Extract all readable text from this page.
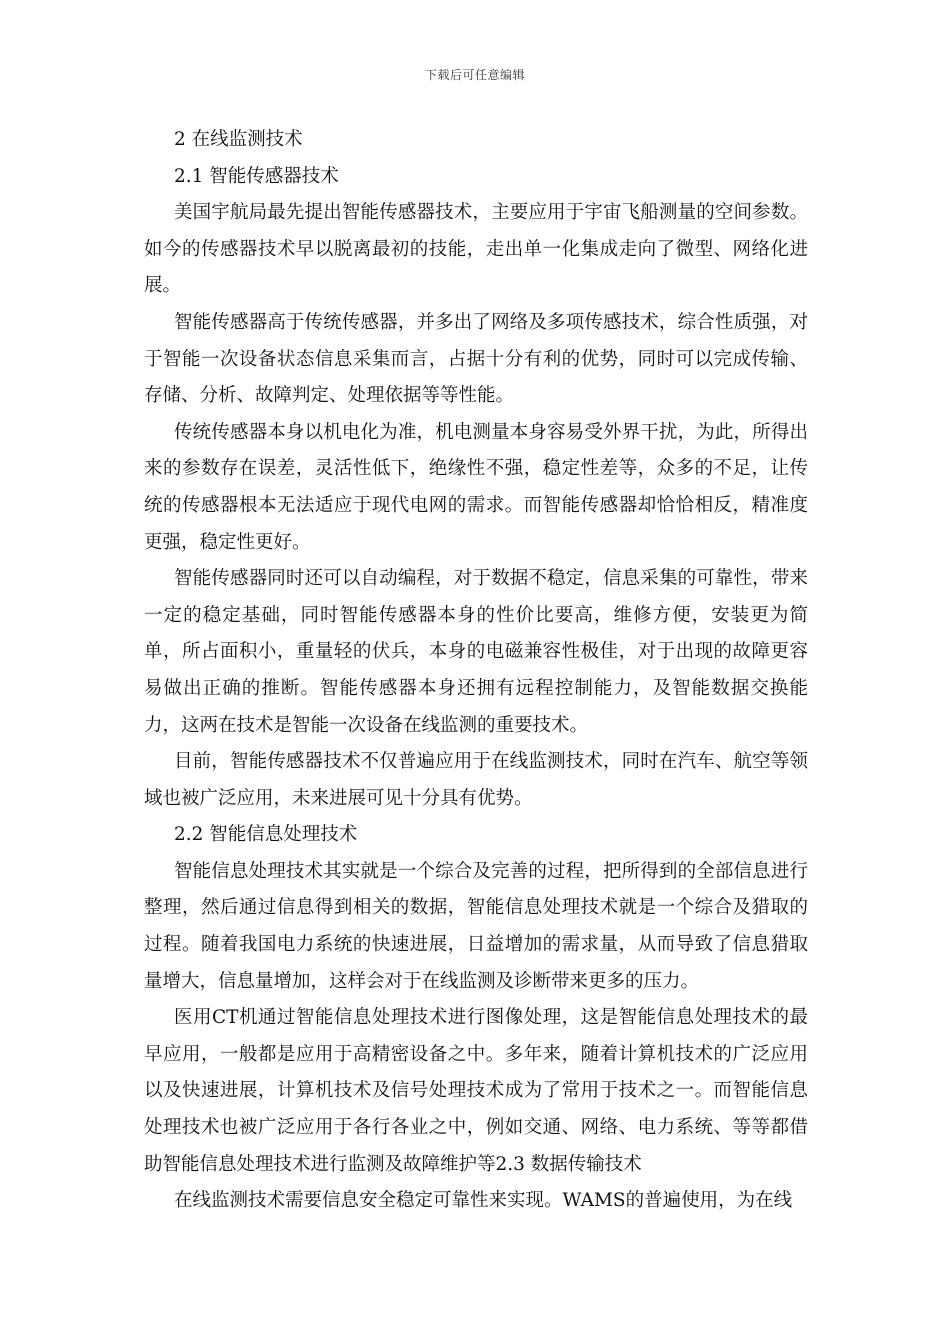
下载后可任意编辑

2 在线监测技术

2.1 智能传感器技术

美国宇航局最先提出智能传感器技术，主要应用于宇宙飞船测量的空间参数。如今的传感器技术早以脱离最初的技能，走出单一化集成走向了微型、网络化进展。

智能传感器高于传统传感器，并多出了网络及多项传感技术，综合性质强，对于智能一次设备状态信息采集而言，占据十分有利的优势，同时可以完成传输、存储、分析、故障判定、处理依据等等性能。

传统传感器本身以机电化为准，机电测量本身容易受外界干扰，为此，所得出来的参数存在误差，灵活性低下，绝缘性不强，稳定性差等，众多的不足，让传统的传感器根本无法适应于现代电网的需求。而智能传感器却恰恰相反，精准度更强，稳定性更好。

智能传感器同时还可以自动编程，对于数据不稳定，信息采集的可靠性，带来一定的稳定基础，同时智能传感器本身的性价比要高，维修方便，安装更为简单，所占面积小，重量轻的伏兵，本身的电磁兼容性极佳，对于出现的故障更容易做出正确的推断。智能传感器本身还拥有远程控制能力，及智能数据交换能力，这两在技术是智能一次设备在线监测的重要技术。

目前，智能传感器技术不仅普遍应用于在线监测技术，同时在汽车、航空等领域也被广泛应用，未来进展可见十分具有优势。

2.2 智能信息处理技术

智能信息处理技术其实就是一个综合及完善的过程，把所得到的全部信息进行整理，然后通过信息得到相关的数据，智能信息处理技术就是一个综合及猎取的过程。随着我国电力系统的快速进展，日益增加的需求量，从而导致了信息猎取量增大，信息量增加，这样会对于在线监测及诊断带来更多的压力。

医用CT机通过智能信息处理技术进行图像处理，这是智能信息处理技术的最早应用，一般都是应用于高精密设备之中。多年来，随着计算机技术的广泛应用以及快速进展，计算机技术及信号处理技术成为了常用于技术之一。而智能信息处理技术也被广泛应用于各行各业之中，例如交通、网络、电力系统、等等都借助智能信息处理技术进行监测及故障维护等2.3 数据传输技术

在线监测技术需要信息安全稳定可靠性来实现。WAMS的普遍使用，为在线
